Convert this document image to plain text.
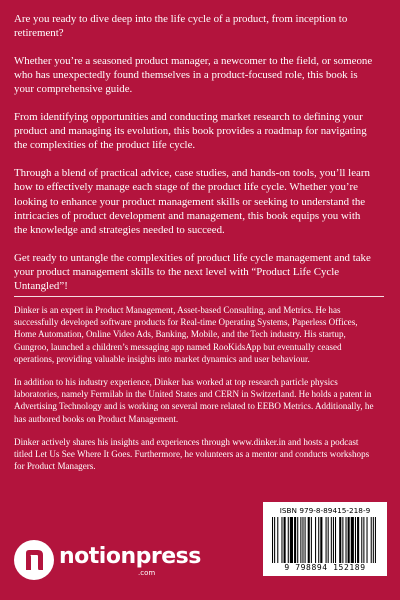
Are you ready to dive deep into the life cycle of a product, from inception to retirement?

Whether you’re a seasoned product manager, a newcomer to the field, or someone who has unexpectedly found themselves in a product-focused role, this book is your comprehensive guide.

From identifying opportunities and conducting market research to defining your product and managing its evolution, this book provides a roadmap for navigating the complexities of the product life cycle.

Through a blend of practical advice, case studies, and hands-on tools, you’ll learn how to effectively manage each stage of the product life cycle. Whether you’re looking to enhance your product management skills or seeking to understand the intricacies of product development and management, this book equips you with the knowledge and strategies needed to succeed.

Get ready to untangle the complexities of product life cycle management and take your product management skills to the next level with “Product Life Cycle Untangled”!

Dinker is an expert in Product Management, Asset-based Consulting, and Metrics. He has successfully developed software products for Real-time Operating Systems, Paperless Offices, Home Automation, Online Video Ads, Banking, Mobile, and the Tech industry. His startup, Gungroo, launched a children’s messaging app named RooKidsApp but eventually ceased operations, providing valuable insights into market dynamics and user behaviour.

In addition to his industry experience, Dinker has worked at top research particle physics laboratories, namely Fermilab in the United States and CERN in Switzerland. He holds a patent in Advertising Technology and is working on several more related to EEBO Metrics. Additionally, he has authored books on Product Management.

Dinker actively shares his insights and experiences through www.dinker.in and hosts a podcast titled Let Us See Where It Goes. Furthermore, he volunteers as a mentor and conducts workshops for Product Managers.

notionpress
.com
ISBN 979-8-89415-218-9
9 798894 152189
